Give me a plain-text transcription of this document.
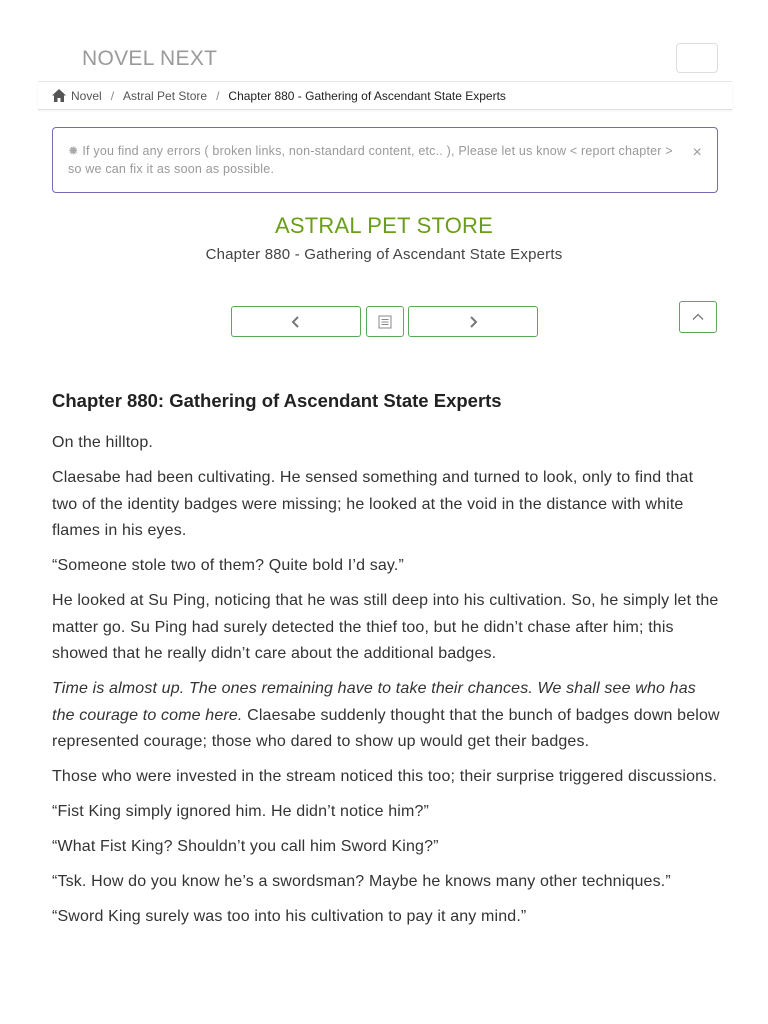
NOVEL NEXT
Novel / Astral Pet Store / Chapter 880 - Gathering of Ascendant State Experts
✹ If you find any errors ( broken links, non-standard content, etc.. ), Please let us know < report chapter > so we can fix it as soon as possible.
×
ASTRAL PET STORE
Chapter 880 - Gathering of Ascendant State Experts
Chapter 880: Gathering of Ascendant State Experts

On the hilltop.

Claesabe had been cultivating. He sensed something and turned to look, only to find that two of the identity badges were missing; he looked at the void in the distance with white flames in his eyes.

“Someone stole two of them? Quite bold I’d say.”

He looked at Su Ping, noticing that he was still deep into his cultivation. So, he simply let the matter go. Su Ping had surely detected the thief too, but he didn’t chase after him; this showed that he really didn’t care about the additional badges.

Time is almost up. The ones remaining have to take their chances. We shall see who has the courage to come here. Claesabe suddenly thought that the bunch of badges down below represented courage; those who dared to show up would get their badges.

Those who were invested in the stream noticed this too; their surprise triggered discussions.

“Fist King simply ignored him. He didn’t notice him?”

“What Fist King? Shouldn’t you call him Sword King?”

“Tsk. How do you know he’s a swordsman? Maybe he knows many other techniques.”

“Sword King surely was too into his cultivation to pay it any mind.”
